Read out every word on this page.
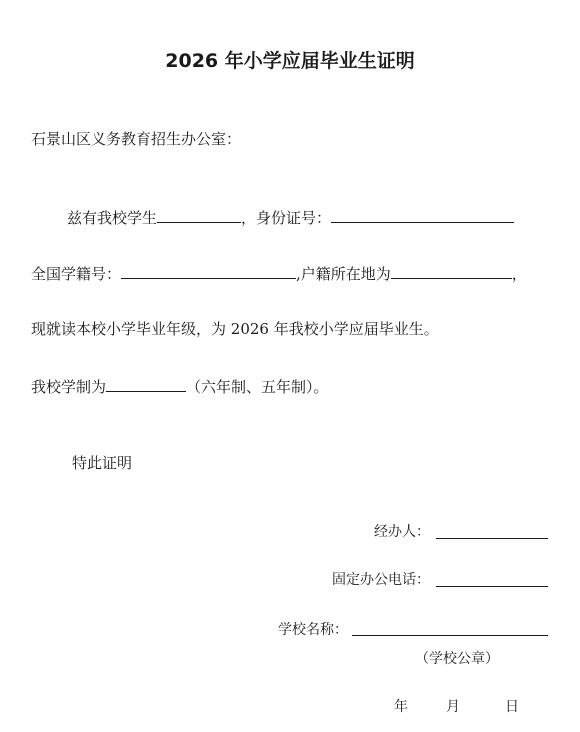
2026 年小学应届毕业生证明
石景山区义务教育招生办公室：
兹有我校学生	，身份证号：
全国学籍号：	,户籍所在地为	，
现就读本校小学毕业年级，为 2026 年我校小学应届毕业生。
我校学制为	（六年制、五年制）。
特此证明
经办人：
固定办公电话：
学校名称：
（学校公章）
年	月	日
